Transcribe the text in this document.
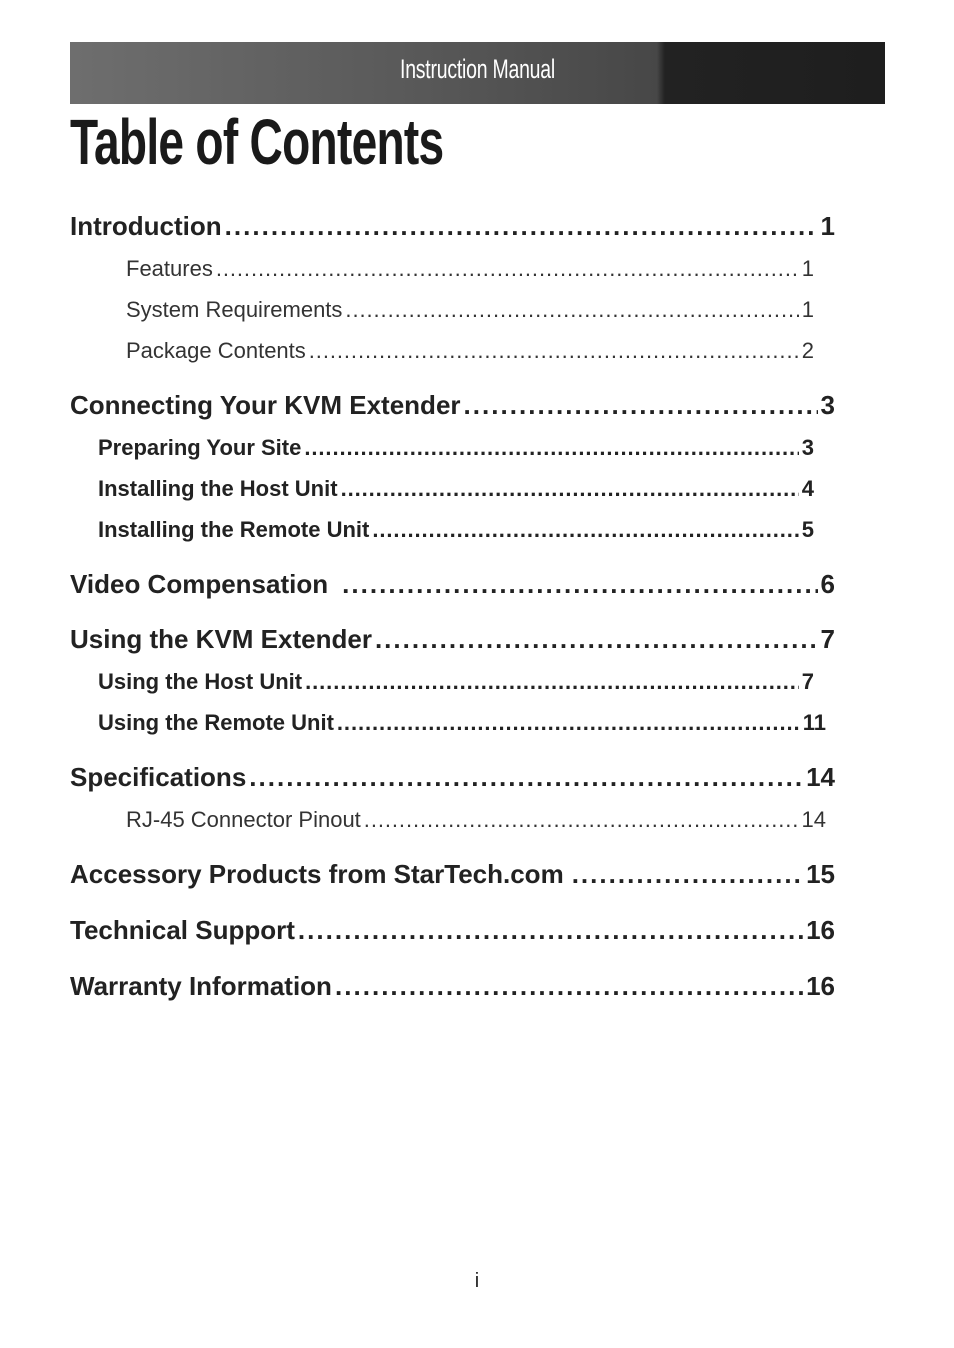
Instruction Manual
Table of Contents
Introduction . . .	1
Features . . .	1
System Requirements . . .	1
Package Contents . . .	2
Connecting Your KVM Extender . . .	3
Preparing Your Site . . .	3
Installing the Host Unit . . .	4
Installing the Remote Unit . . .	5
Video Compensation . . .	6
Using the KVM Extender . . .	7
Using the Host Unit . . .	7
Using the Remote Unit . . .	11
Specifications . . .	14
RJ-45 Connector Pinout . . .	14
Accessory Products from StarTech.com . . .	15
Technical Support . . .	16
Warranty Information . . .	16
i
